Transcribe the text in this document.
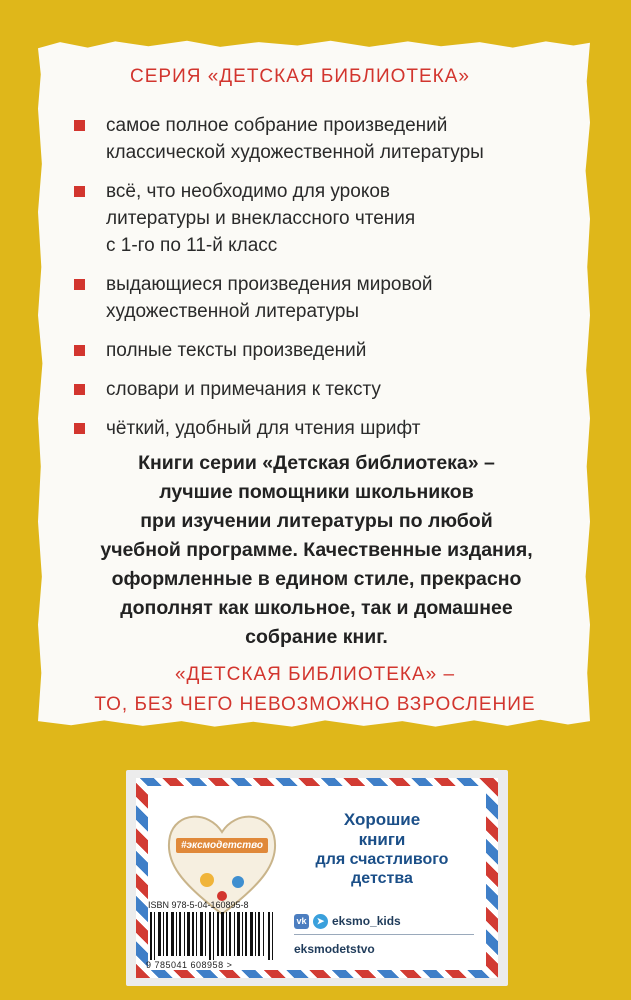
СЕРИЯ «ДЕТСКАЯ БИБЛИОТЕКА»
самое полное собрание произведений
классической художественной литературы
всё, что необходимо для уроков
литературы и внеклассного чтения
с 1-го по 11-й класс
выдающиеся произведения мировой
художественной литературы
полные тексты произведений
словари и примечания к тексту
чёткий, удобный для чтения шрифт
Книги серии «Детская библиотека» –
лучшие помощники школьников
при изучении литературы по любой
учебной программе. Качественные издания,
оформленные в едином стиле, прекрасно
дополнят как школьное, так и домашнее
собрание книг.
«ДЕТСКАЯ БИБЛИОТЕКА» –
ТО, БЕЗ ЧЕГО НЕВОЗМОЖНО ВЗРОСЛЕНИЕ
#эксмодетство
Хорошие
книги
для счастливого
детства
ISBN 978-5-04-160895-8
9 785041 608958 >
vk	➤ eksmo_kids
eksmodetstvo
